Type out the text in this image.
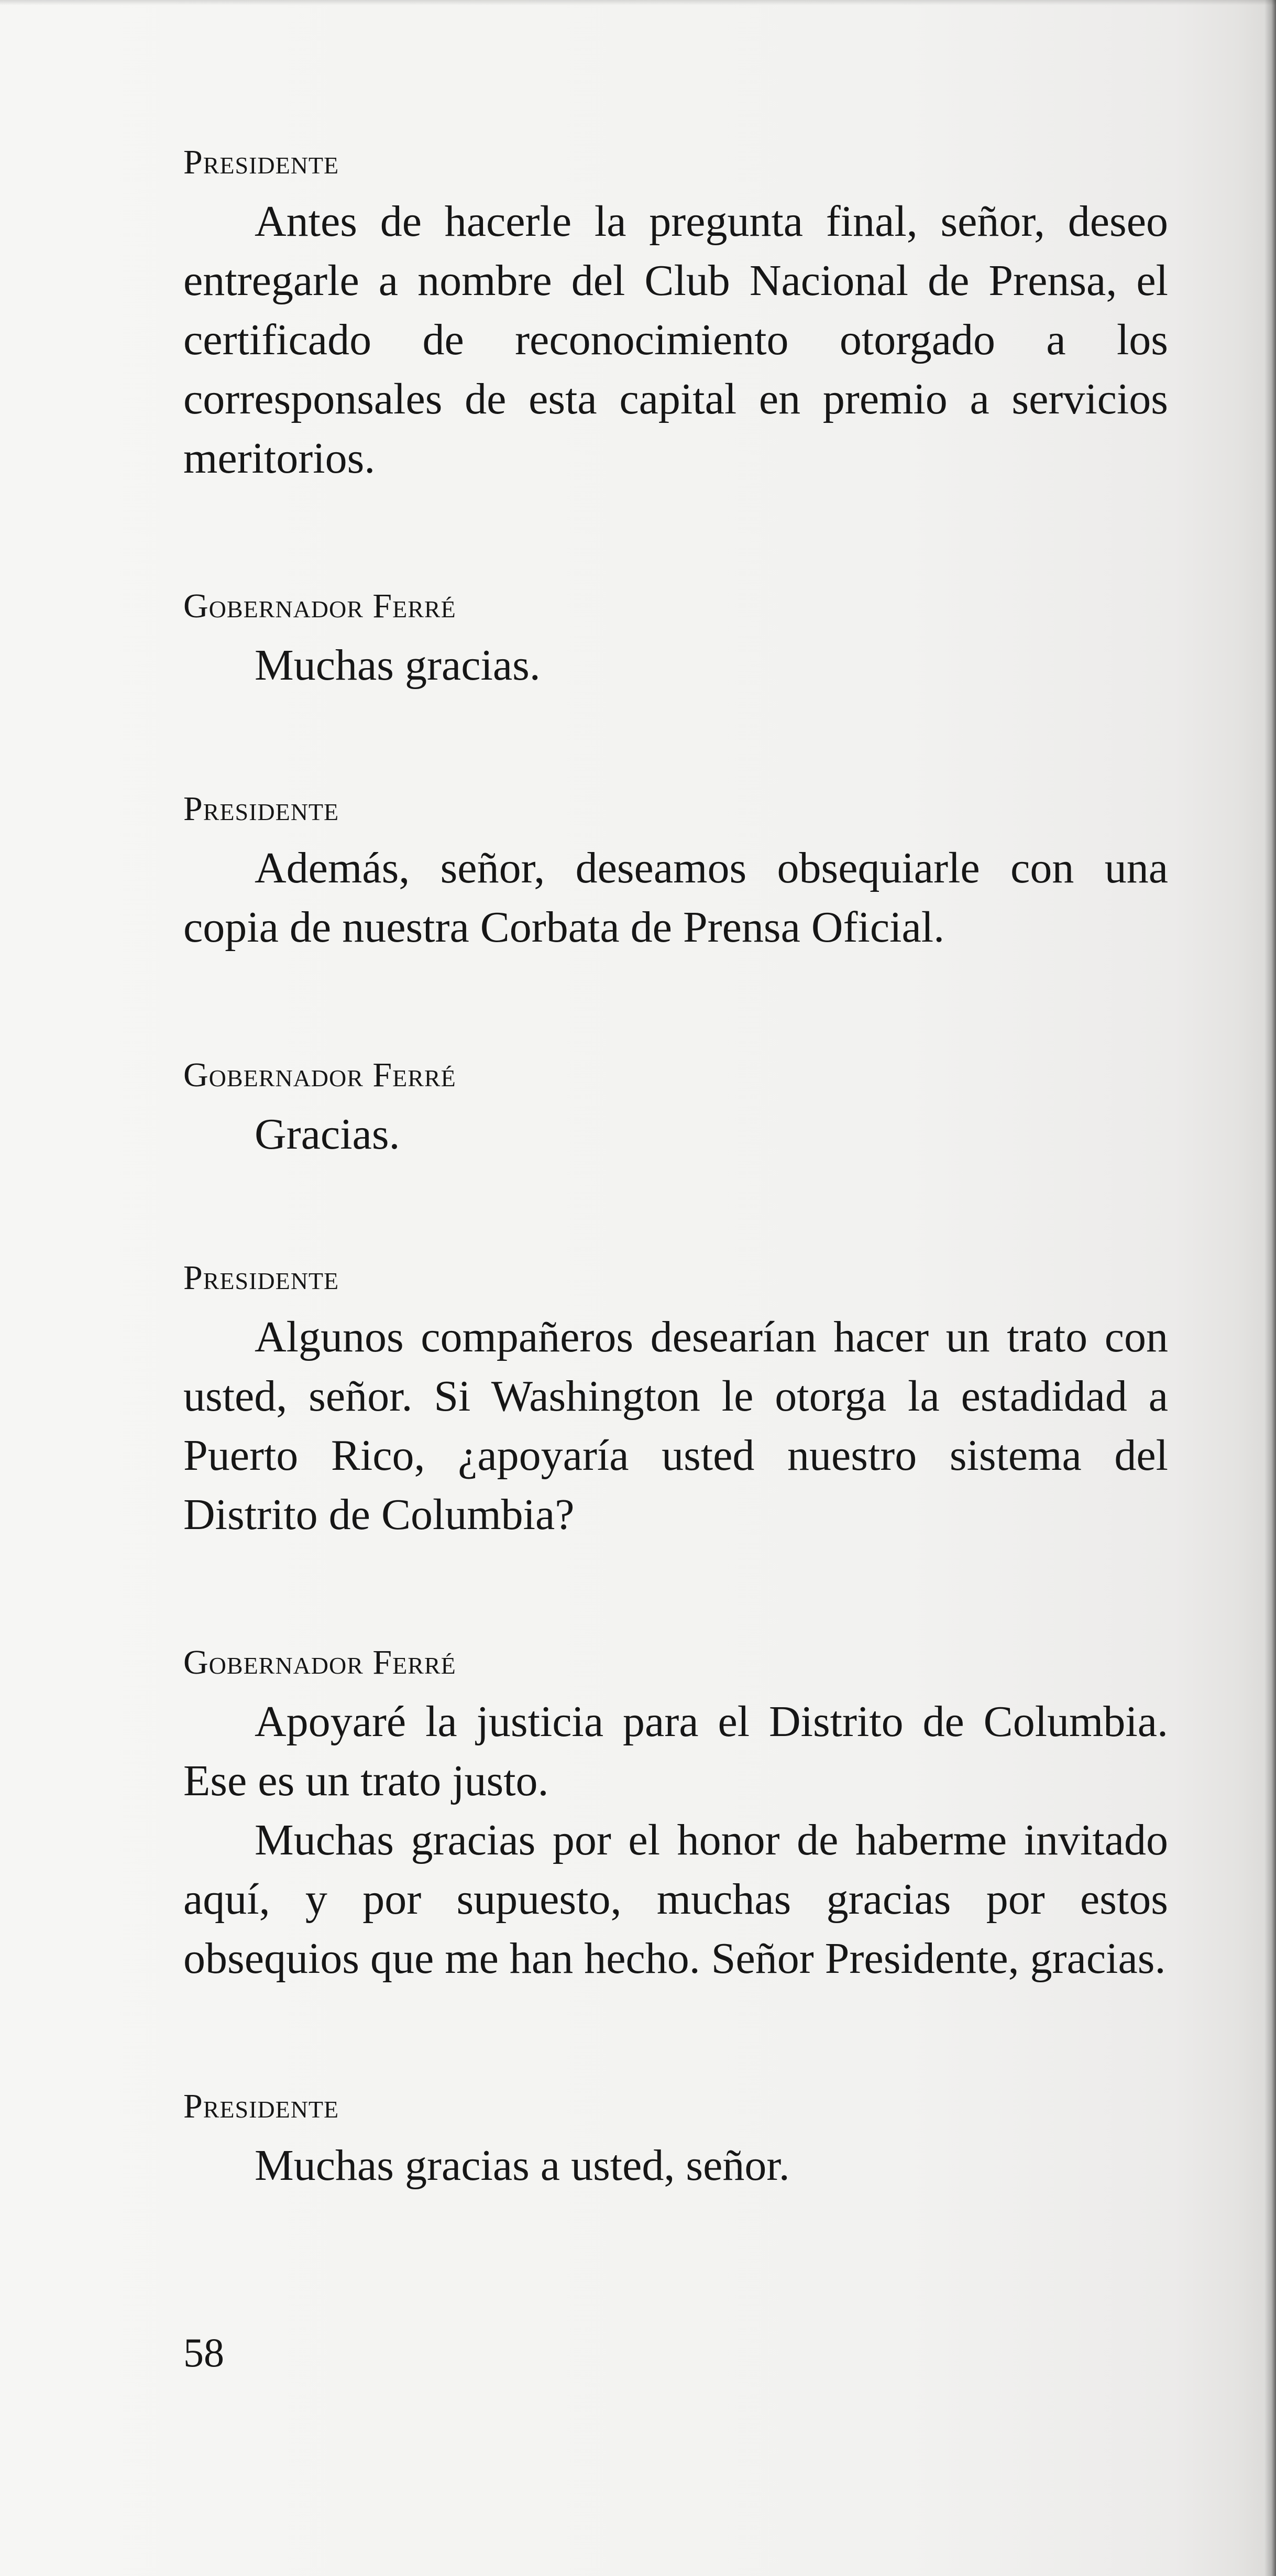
Presidente

Antes de hacerle la pregunta final, señor, deseo entregarle a nombre del Club Nacional de Prensa, el certificado de reconocimiento otorgado a los corresponsales de esta capital en premio a servicios meritorios.

Gobernador Ferré

Muchas gracias.

Presidente

Además, señor, deseamos obsequiarle con una copia de nuestra Corbata de Prensa Oficial.

Gobernador Ferré

Gracias.

Presidente

Algunos compañeros desearían hacer un trato con usted, señor. Si Washington le otorga la estadidad a Puerto Rico, ¿apoyaría usted nuestro sistema del Distrito de Columbia?

Gobernador Ferré

Apoyaré la justicia para el Distrito de Columbia. Ese es un trato justo.

Muchas gracias por el honor de haberme invitado aquí, y por supuesto, muchas gracias por estos obsequios que me han hecho. Señor Presidente, gracias.

Presidente

Muchas gracias a usted, señor.

58
